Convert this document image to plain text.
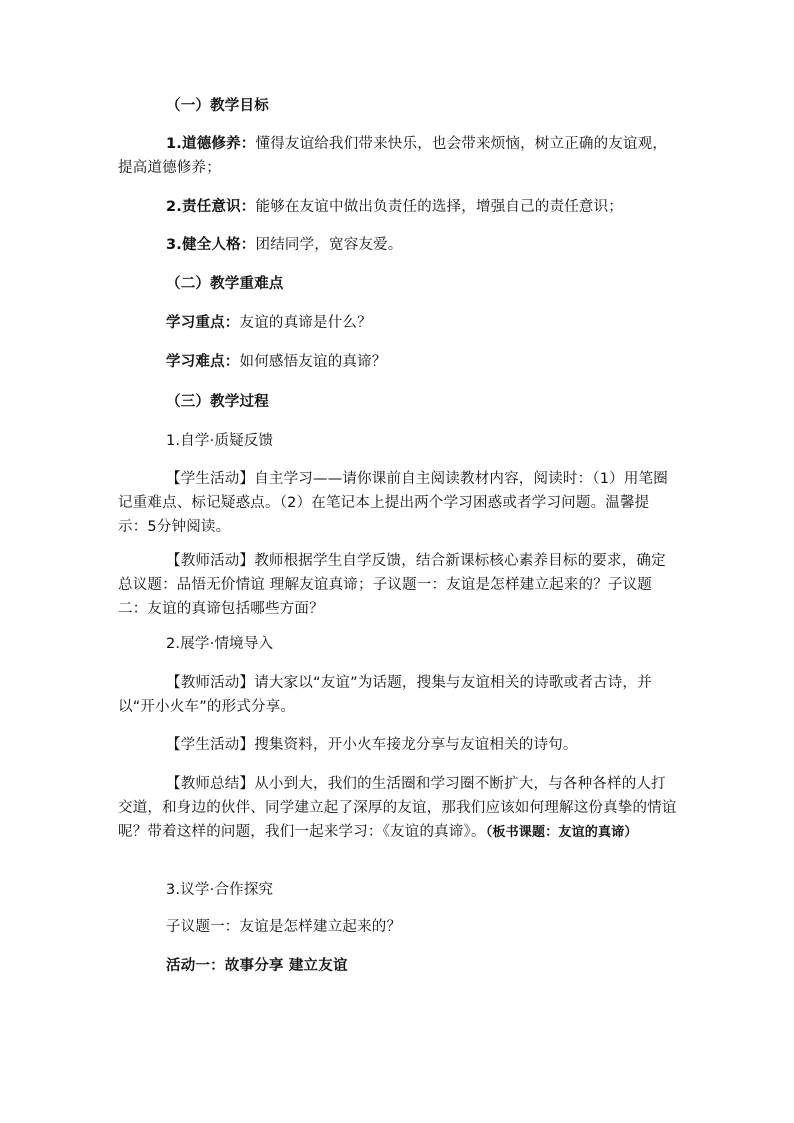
（一）教学目标
1.道德修养：懂得友谊给我们带来快乐，也会带来烦恼，树立正确的友谊观，提高道德修养；
2.责任意识：能够在友谊中做出负责任的选择，增强自己的责任意识；
3.健全人格：团结同学，宽容友爱。
（二）教学重难点
学习重点：友谊的真谛是什么？
学习难点：如何感悟友谊的真谛？
（三）教学过程
1.自学·质疑反馈
【学生活动】自主学习——请你课前自主阅读教材内容，阅读时：（1）用笔圈记重难点、标记疑惑点。（2）在笔记本上提出两个学习困惑或者学习问题。温馨提示：5分钟阅读。
【教师活动】教师根据学生自学反馈，结合新课标核心素养目标的要求，确定总议题：品悟无价情谊 理解友谊真谛；子议题一：友谊是怎样建立起来的？子议题二：友谊的真谛包括哪些方面？
2.展学·情境导入
【教师活动】请大家以“友谊”为话题，搜集与友谊相关的诗歌或者古诗，并以“开小火车”的形式分享。
【学生活动】搜集资料，开小火车接龙分享与友谊相关的诗句。
【教师总结】从小到大，我们的生活圈和学习圈不断扩大，与各种各样的人打交道，和身边的伙伴、同学建立起了深厚的友谊，那我们应该如何理解这份真挚的情谊呢？带着这样的问题，我们一起来学习：《友谊的真谛》。（板书课题：友谊的真谛）
3.议学·合作探究
子议题一：友谊是怎样建立起来的？
活动一：故事分享 建立友谊
